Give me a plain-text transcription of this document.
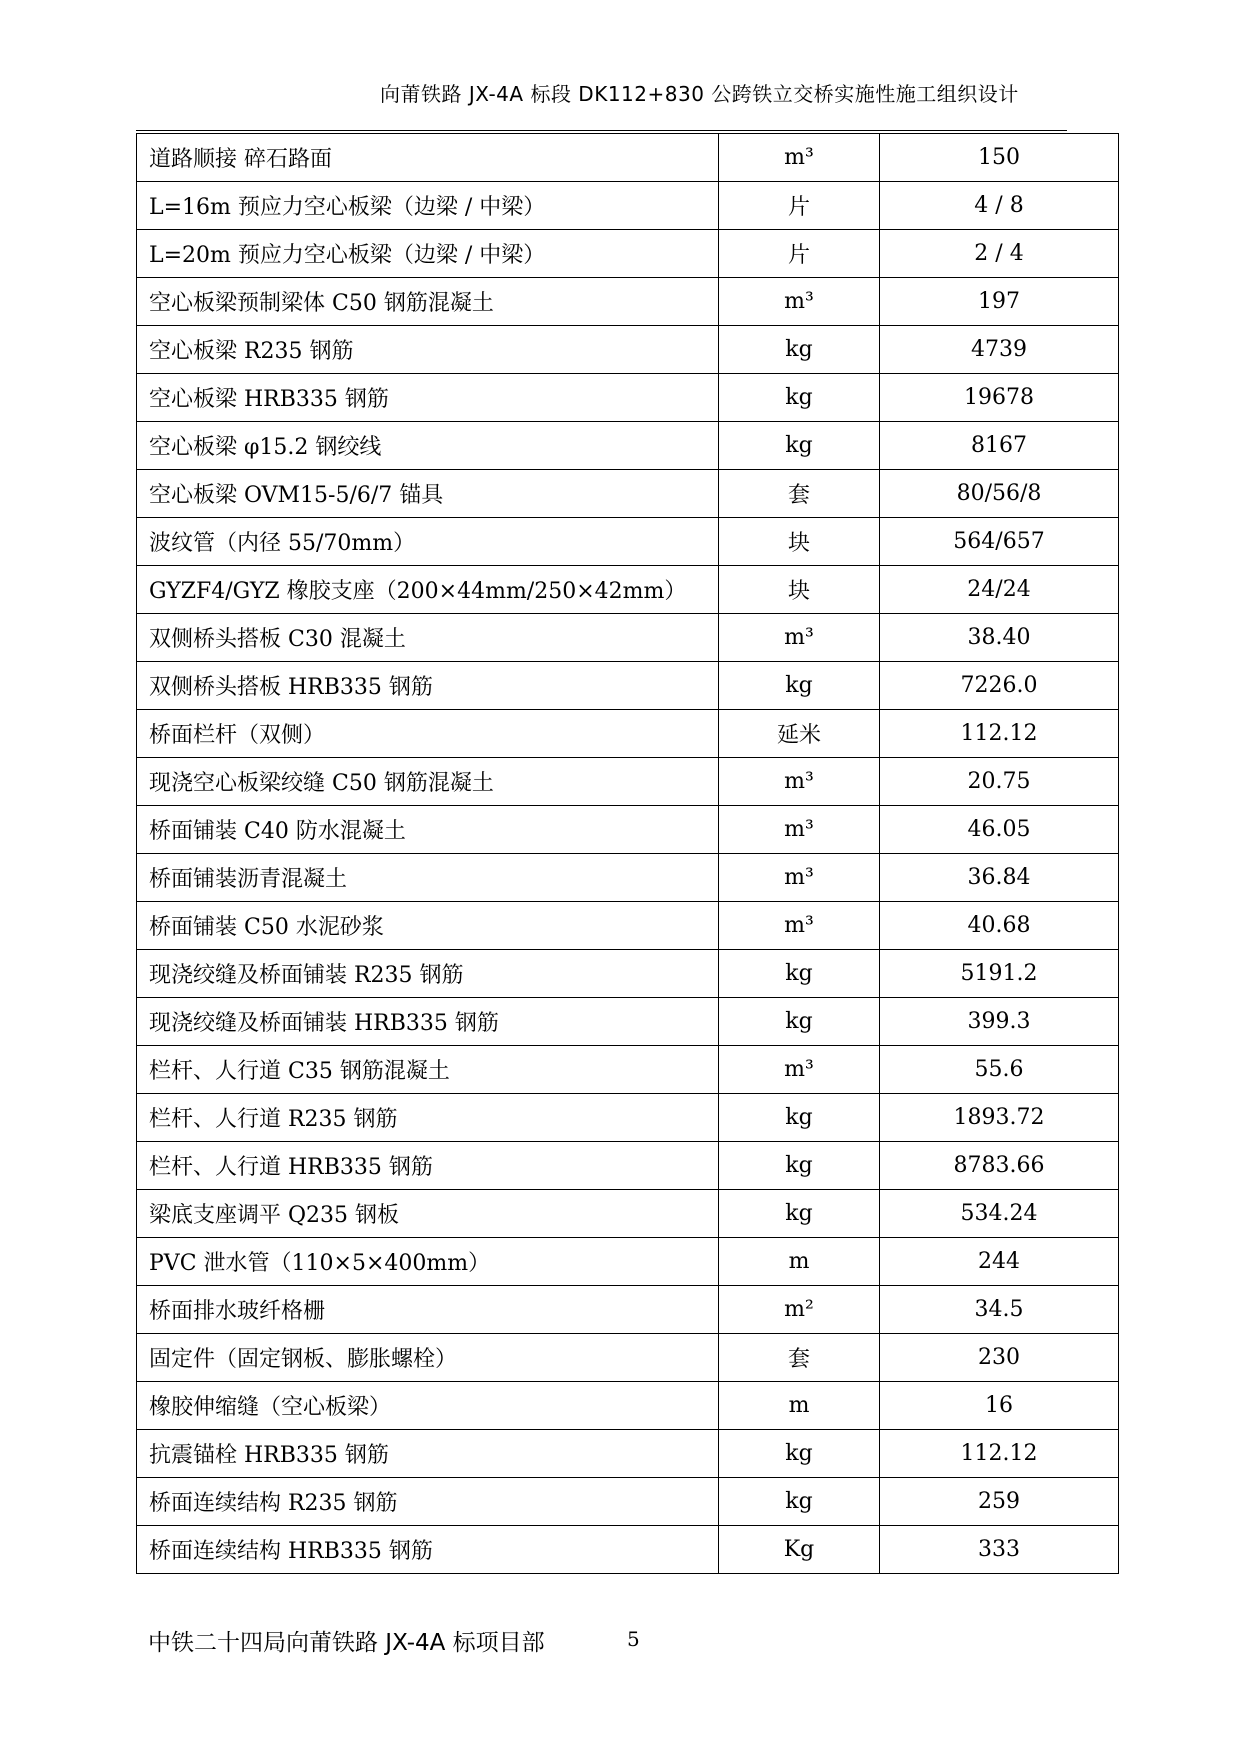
向莆铁路 JX-4A 标段 DK112+830 公跨铁立交桥实施性施工组织设计
道路顺接 碎石路面	m³	150
L=16m 预应力空心板梁（边梁 / 中梁）	片	4 / 8
L=20m 预应力空心板梁（边梁 / 中梁）	片	2 / 4
空心板梁预制梁体 C50 钢筋混凝土	m³	197
空心板梁 R235 钢筋	kg	4739
空心板梁 HRB335 钢筋	kg	19678
空心板梁 φ15.2 钢绞线	kg	8167
空心板梁 OVM15-5/6/7 锚具	套	80/56/8
波纹管（内径 55/70mm）	块	564/657
GYZF4/GYZ 橡胶支座（200×44mm/250×42mm）	块	24/24
双侧桥头搭板 C30 混凝土	m³	38.40
双侧桥头搭板 HRB335 钢筋	kg	7226.0
桥面栏杆（双侧）	延米	112.12
现浇空心板梁绞缝 C50 钢筋混凝土	m³	20.75
桥面铺装 C40 防水混凝土	m³	46.05
桥面铺装沥青混凝土	m³	36.84
桥面铺装 C50 水泥砂浆	m³	40.68
现浇绞缝及桥面铺装 R235 钢筋	kg	5191.2
现浇绞缝及桥面铺装 HRB335 钢筋	kg	399.3
栏杆、人行道 C35 钢筋混凝土	m³	55.6
栏杆、人行道 R235 钢筋	kg	1893.72
栏杆、人行道 HRB335 钢筋	kg	8783.66
梁底支座调平 Q235 钢板	kg	534.24
PVC 泄水管（110×5×400mm）	m	244
桥面排水玻纤格栅	m²	34.5
固定件（固定钢板、膨胀螺栓）	套	230
橡胶伸缩缝（空心板梁）	m	16
抗震锚栓 HRB335 钢筋	kg	112.12
桥面连续结构 R235 钢筋	kg	259
桥面连续结构 HRB335 钢筋	Kg	333
中铁二十四局向莆铁路 JX-4A 标项目部	5
